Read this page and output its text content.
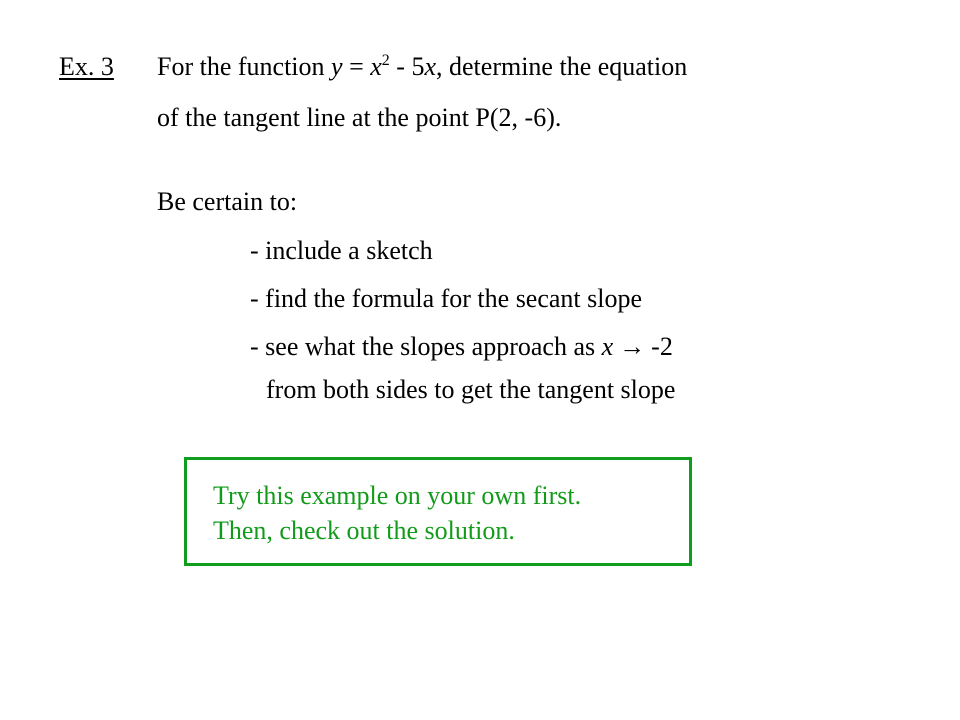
Ex. 3 For the function $y = x^2 - 5x$, determine the equation
of the tangent line at the point P(2, -6).
Be certain to:
- include a sketch
- find the formula for the secant slope
- see what the slopes approach as x → -2
from both sides to get the tangent slope
Try this example on your own first.
Then, check out the solution.
